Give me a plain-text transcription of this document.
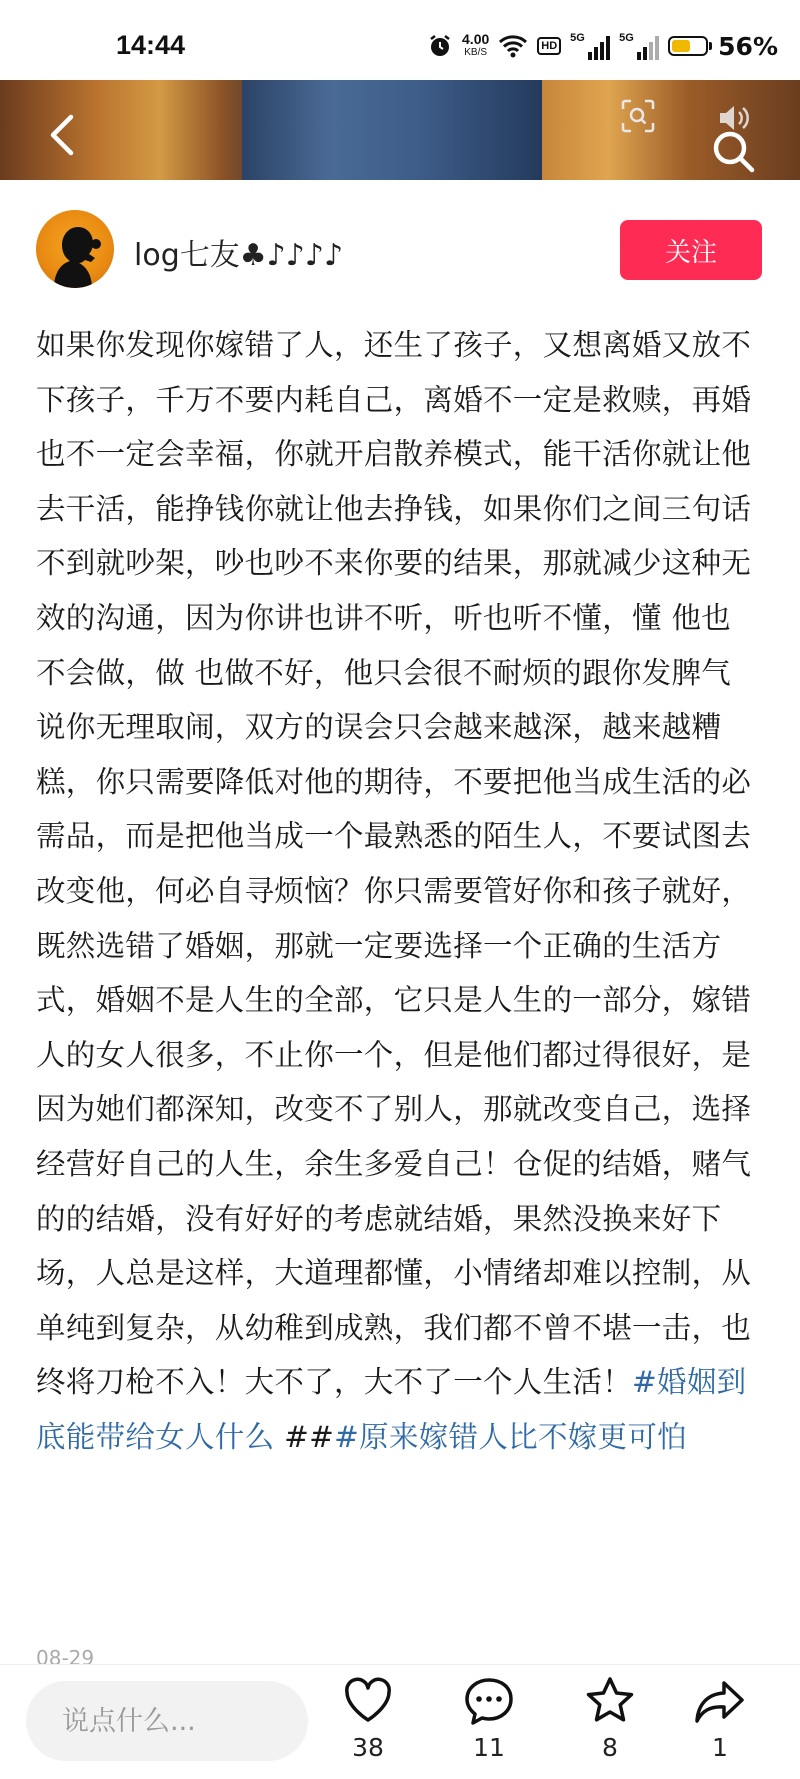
14:44	4.00
KB/S
HD
5G	5G	56%
log七友♣♪♪♪♪	关注
如果你发现你嫁错了人，还生了孩子，又想离婚又放不下孩子，千万不要内耗自己，离婚不一定是救赎，再婚也不一定会幸福，你就开启散养模式，能干活你就让他去干活，能挣钱你就让他去挣钱，如果你们之间三句话不到就吵架，吵也吵不来你要的结果，那就减少这种无效的沟通，因为你讲也讲不听，听也听不懂，懂 他也不会做，做 也做不好，他只会很不耐烦的跟你发脾气说你无理取闹，双方的误会只会越来越深，越来越糟糕，你只需要降低对他的期待，不要把他当成生活的必需品，而是把他当成一个最熟悉的陌生人，不要试图去改变他，何必自寻烦恼？你只需要管好你和孩子就好，既然选错了婚姻，那就一定要选择一个正确的生活方式，婚姻不是人生的全部，它只是人生的一部分，嫁错人的女人很多，不止你一个，但是他们都过得很好，是因为她们都深知，改变不了别人，那就改变自己，选择经营好自己的人生，余生多爱自己！仓促的结婚，赌气的的结婚，没有好好的考虑就结婚，果然没换来好下场，人总是这样，大道理都懂，小情绪却难以控制，从单纯到复杂，从幼稚到成熟，我们都不曾不堪一击，也终将刀枪不入！大不了，大不了一个人生活！#婚姻到底能带给女人什么 ###原来嫁错人比不嫁更可怕
08-29
说点什么...
38	11	8	1
